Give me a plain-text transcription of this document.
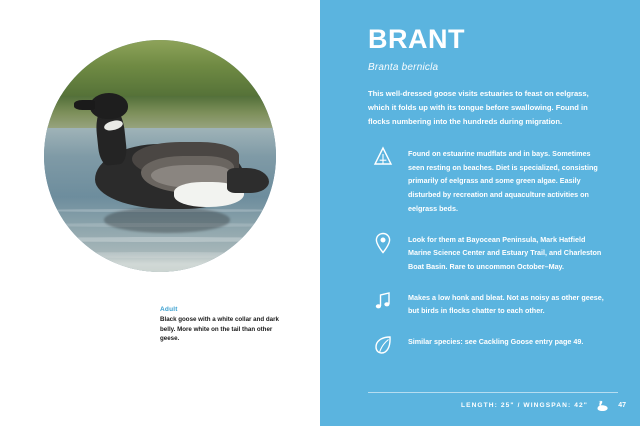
Adult
Black goose with a white collar and dark belly. More white on the tail than other geese.
BRANT
Branta bernicla

This well-dressed goose visits estuaries to feast on eelgrass, which it folds up with its tongue before swallowing. Found in flocks numbering into the hundreds during migration.

Found on estuarine mudflats and in bays. Sometimes seen resting on beaches. Diet is specialized, consisting primarily of eelgrass and some green algae. Easily disturbed by recreation and aquaculture activities on eelgrass beds.
Look for them at Bayocean Peninsula, Mark Hatfield Marine Science Center and Estuary Trail, and Charleston Boat Basin. Rare to uncommon October–May.
Makes a low honk and bleat. Not as noisy as other geese, but birds in flocks chatter to each other.
Similar species: see Cackling Goose entry page 49.
LENGTH: 25" / WINGSPAN: 42"	47
